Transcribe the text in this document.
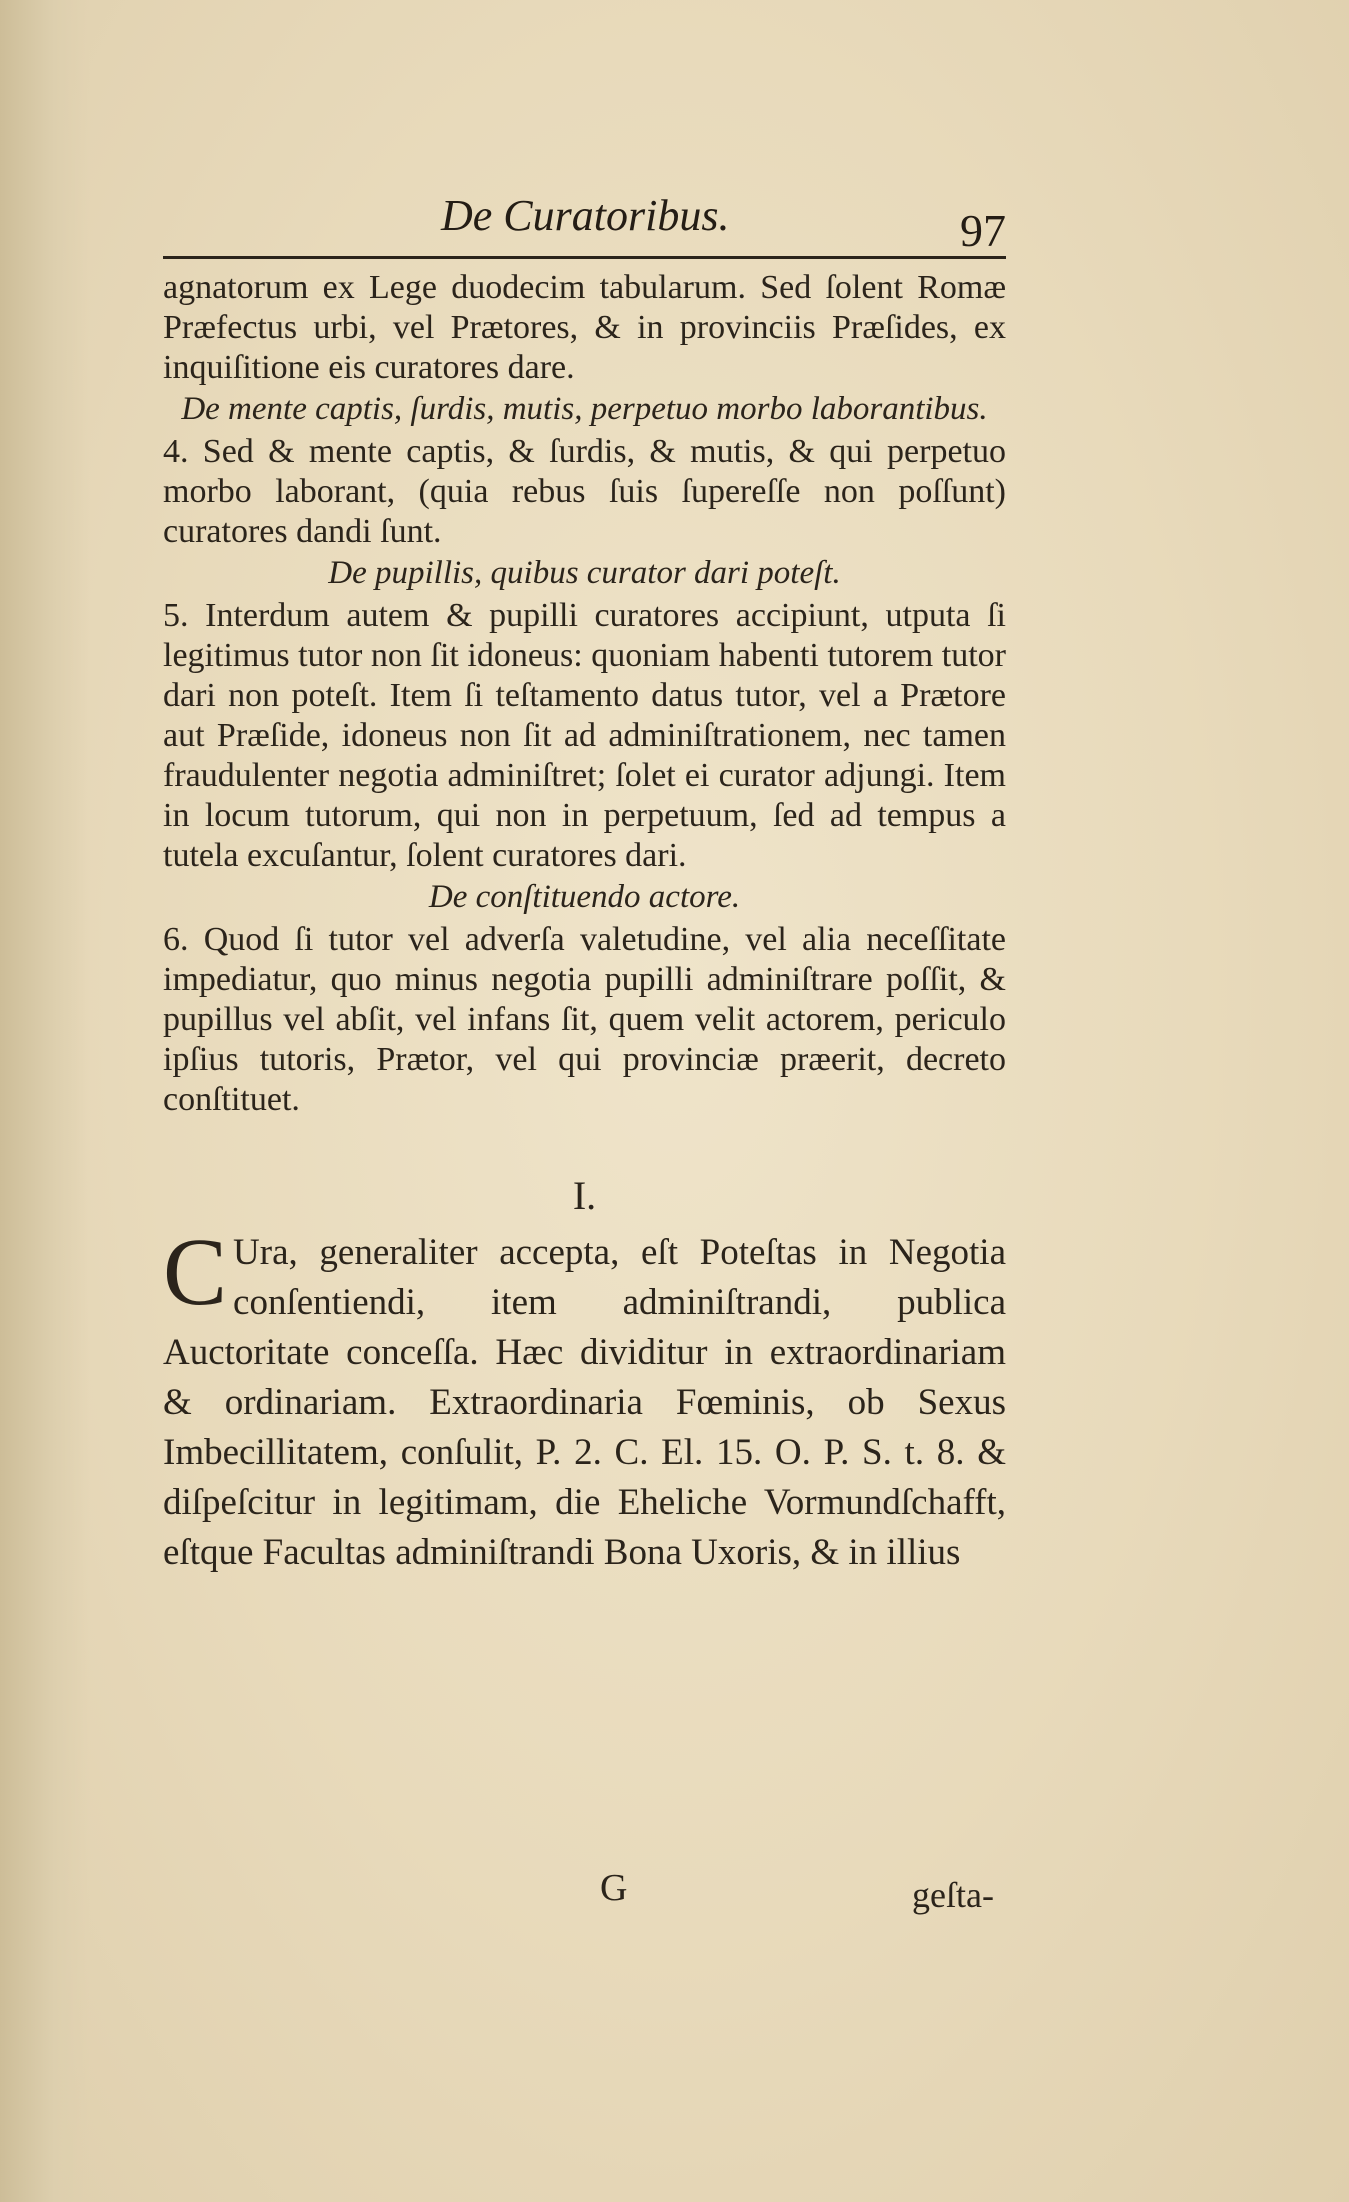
De Curatoribus.	97

agnatorum ex Lege duodecim tabularum. Sed ſolent Romæ Præfectus urbi, vel Prætores, & in provinciis Præſides, ex inquiſitione eis curatores dare.

De mente captis, ſurdis, mutis, perpetuo morbo laborantibus.

4. Sed & mente captis, & ſurdis, & mutis, & qui perpetuo morbo laborant, (quia rebus ſuis ſupereſſe non poſſunt) curatores dandi ſunt.

De pupillis, quibus curator dari poteſt.

5. Interdum autem & pupilli curatores accipiunt, utputa ſi legitimus tutor non ſit idoneus: quoniam habenti tutorem tutor dari non poteſt. Item ſi teſtamento datus tutor, vel a Prætore aut Præſide, idoneus non ſit ad adminiſtrationem, nec tamen fraudulenter negotia adminiſtret; ſolet ei curator adjungi. Item in locum tutorum, qui non in perpetuum, ſed ad tempus a tutela excuſantur, ſolent curatores dari.

De conſtituendo actore.

6. Quod ſi tutor vel adverſa valetudine, vel alia neceſſitate impediatur, quo minus negotia pupilli adminiſtrare poſſit, & pupillus vel abſit, vel infans ſit, quem velit actorem, periculo ipſius tutoris, Prætor, vel qui provinciæ præerit, decreto conſtituet.

I.

C Ura, generaliter accepta, eſt Poteſtas in Negotia conſentiendi, item adminiſtrandi, publica Auctoritate conceſſa. Hæc dividitur in extraordinariam & ordinariam. Extraordinaria Fœminis, ob Sexus Imbecillitatem, conſulit, P. 2. C. El. 15. O. P. S. t. 8. & diſpeſcitur in legitimam, die Eheliche Vormundſchafft, eſtque Facultas adminiſtrandi Bona Uxoris, & in illius

G	geſta-
